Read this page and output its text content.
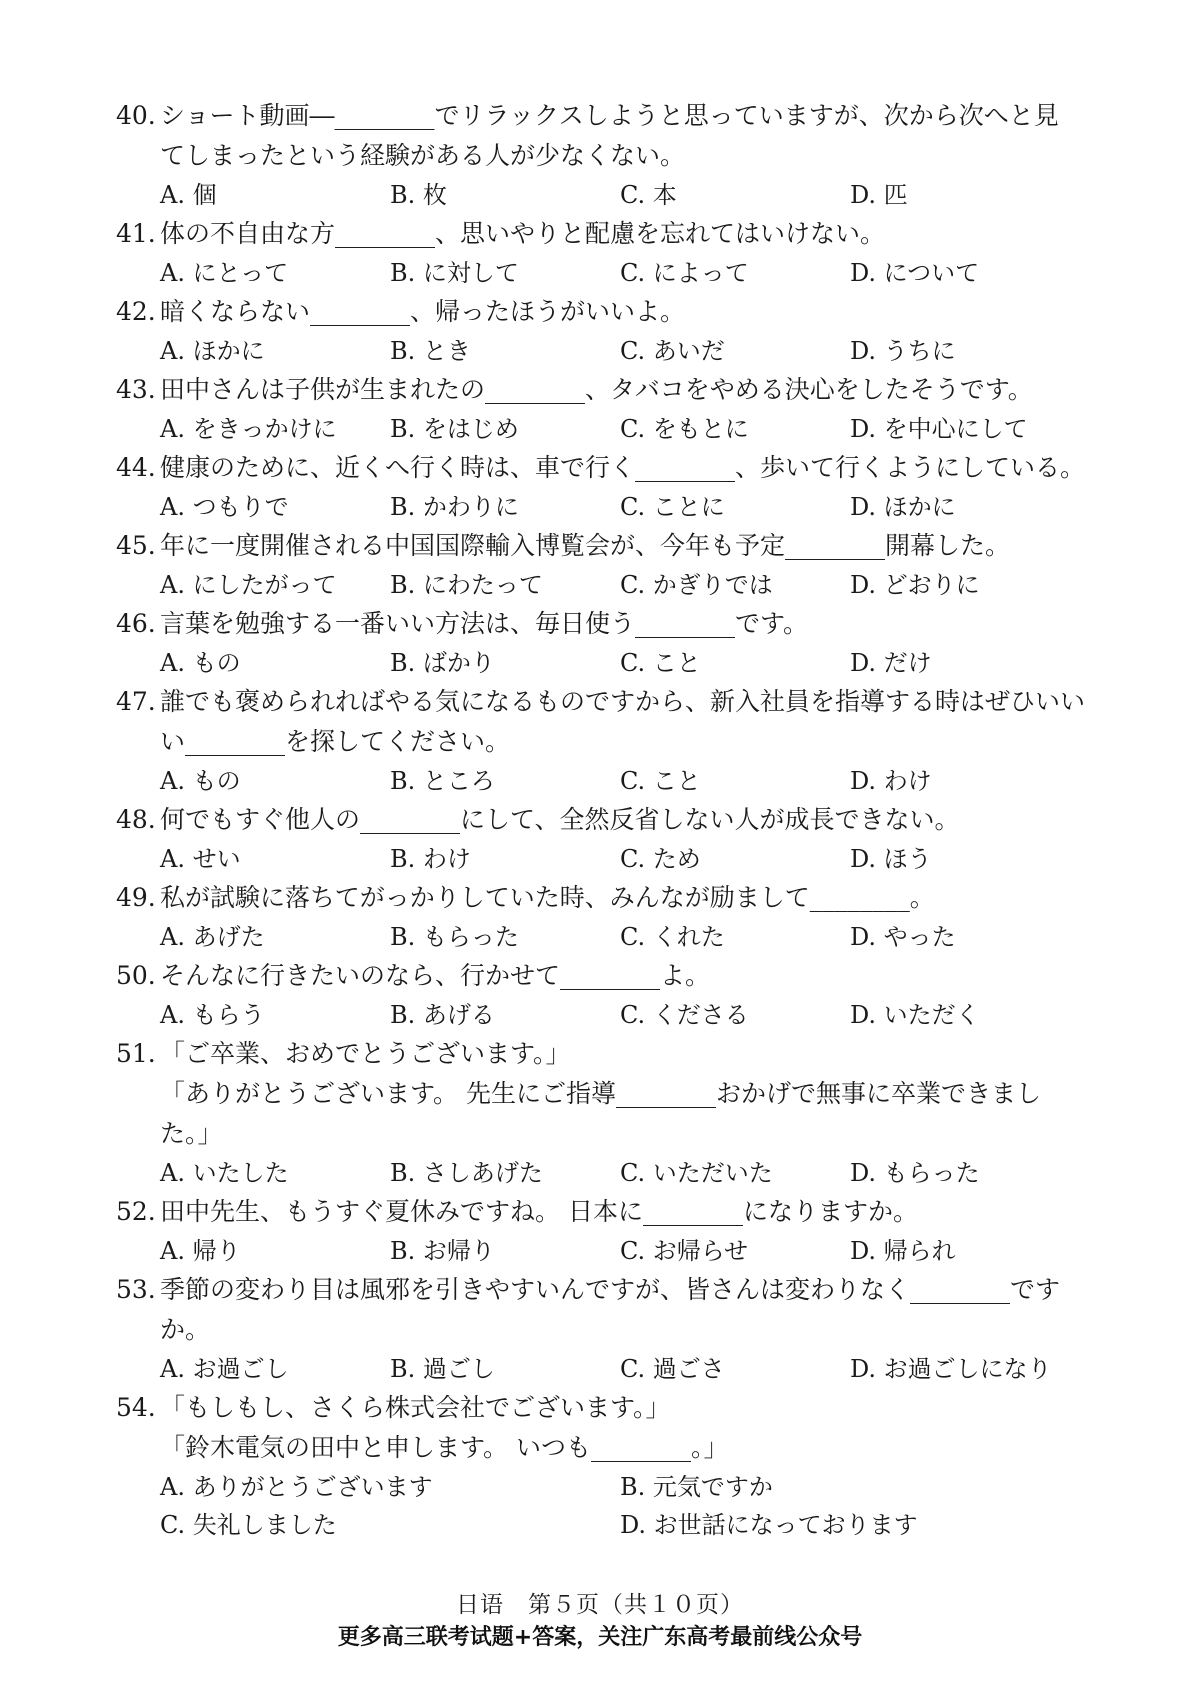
40. ショート動画―________でリラックスしようと思っていますが、次から次へと見
てしまったという経験がある人が少なくない。
A. 個	B. 枚	C. 本	D. 匹
41. 体の不自由な方________、思いやりと配慮を忘れてはいけない。
A. にとって	B. に対して	C. によって	D. について
42. 暗くならない________、帰ったほうがいいよ。
A. ほかに	B. とき	C. あいだ	D. うちに
43. 田中さんは子供が生まれたの________、タバコをやめる決心をしたそうです。
A. をきっかけに	B. をはじめ	C. をもとに	D. を中心にして
44. 健康のために、近くへ行く時は、車で行く________、歩いて行くようにしている。
A. つもりで	B. かわりに	C. ことに	D. ほかに
45. 年に一度開催される中国国際輸入博覧会が、今年も予定________開幕した。
A. にしたがって	B. にわたって	C. かぎりでは	D. どおりに
46. 言葉を勉強する一番いい方法は、毎日使う________です。
A. もの	B. ばかり	C. こと	D. だけ
47. 誰でも褒められればやる気になるものですから、新入社員を指導する時はぜひいい
い________を探してください。
A. もの	B. ところ	C. こと	D. わけ
48. 何でもすぐ他人の________にして、全然反省しない人が成長できない。
A. せい	B. わけ	C. ため	D. ほう
49. 私が試験に落ちてがっかりしていた時、みんなが励まして________。
A. あげた	B. もらった	C. くれた	D. やった
50. そんなに行きたいのなら、行かせて________よ。
A. もらう	B. あげる	C. くださる	D. いただく
51. 「ご卒業、おめでとうございます。」
「ありがとうございます。 先生にご指導________おかげで無事に卒業できまし
た。」
A. いたした	B. さしあげた	C. いただいた	D. もらった
52. 田中先生、もうすぐ夏休みですね。 日本に________になりますか。
A. 帰り	B. お帰り	C. お帰らせ	D. 帰られ
53. 季節の変わり目は風邪を引きやすいんですが、皆さんは変わりなく________ですか。
A. お過ごし	B. 過ごし	C. 過ごさ	D. お過ごしになり
54. 「もしもし、さくら株式会社でございます。」
「鈴木電気の田中と申します。 いつも________。」
A. ありがとうございます	B. 元気ですか
C. 失礼しました	D. お世話になっております
日语　第５页（共１０页）
更多高三联考试题+答案，关注广东高考最前线公众号
